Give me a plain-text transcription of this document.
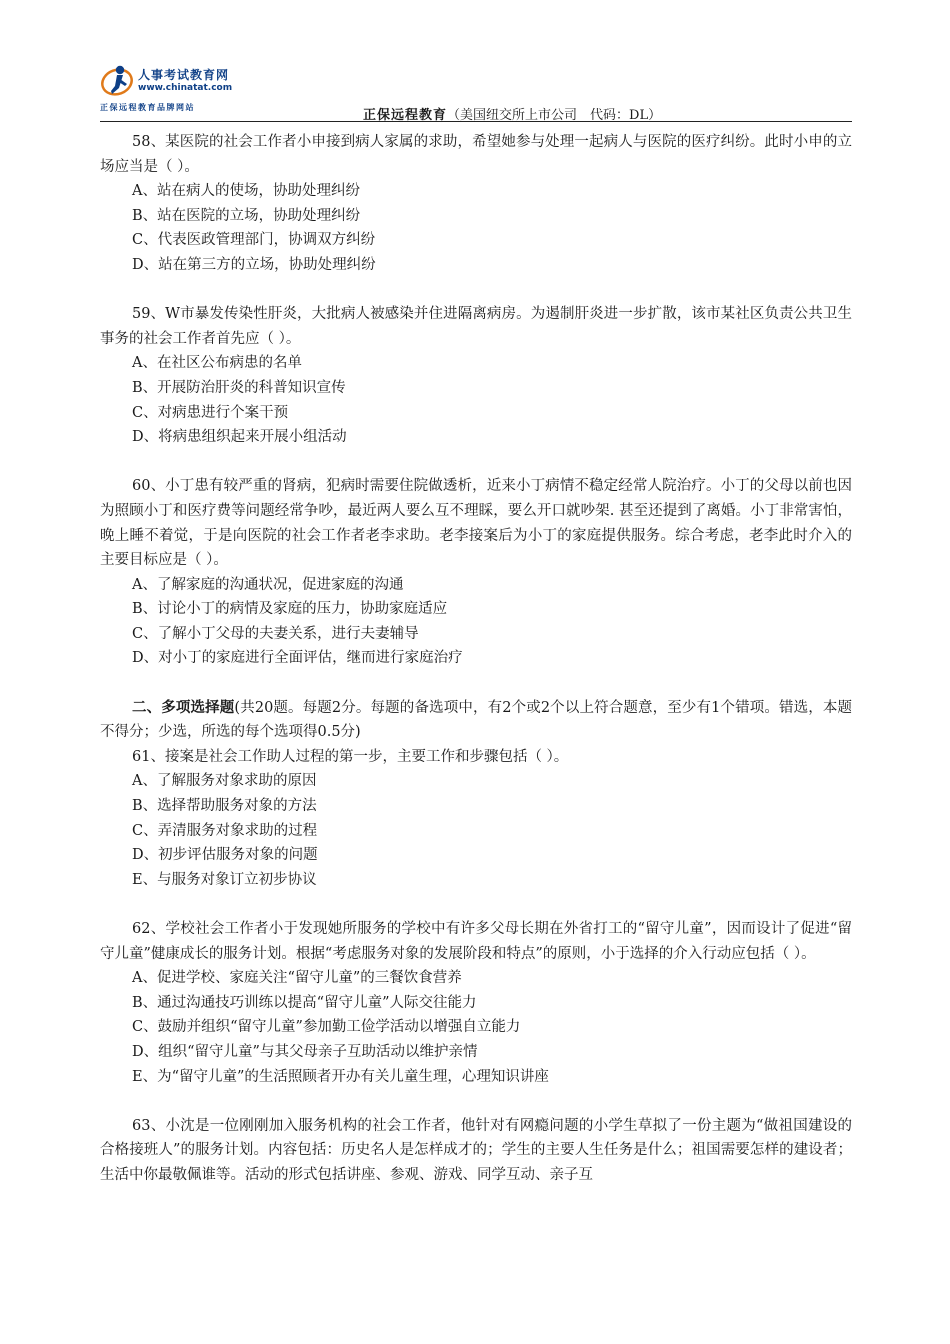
人事考试教育网
www.chinatat.com
正保远程教育品牌网站
正保远程教育（美国纽交所上市公司　代码：DL）

58、某医院的社会工作者小申接到病人家属的求助，希望她参与处理一起病人与医院的医疗纠纷。此时小申的立场应当是（ ）。

A、站在病人的使场，协助处理纠纷

B、站在医院的立场，协助处理纠纷

C、代表医政管理部门，协调双方纠纷

D、站在第三方的立场，协助处理纠纷

59、W市暴发传染性肝炎，大批病人被感染并住进隔离病房。为遏制肝炎进一步扩散，该市某社区负责公共卫生事务的社会工作者首先应（ ）。

A、在社区公布病患的名单

B、开展防治肝炎的科普知识宣传

C、对病患进行个案干预

D、将病患组织起来开展小组活动

60、小丁患有较严重的肾病，犯病时需要住院做透析，近来小丁病情不稳定经常人院治疗。小丁的父母以前也因为照顾小丁和医疗费等问题经常争吵，最近两人要么互不理睬，要么开口就吵架. 甚至还提到了离婚。小丁非常害怕，晚上睡不着觉，于是向医院的社会工作者老李求助。老李接案后为小丁的家庭提供服务。综合考虑，老李此时介入的主要目标应是（ ）。

A、了解家庭的沟通状况，促进家庭的沟通

B、讨论小丁的病情及家庭的压力，协助家庭适应

C、了解小丁父母的夫妻关系，进行夫妻辅导

D、对小丁的家庭进行全面评估，继而进行家庭治疗

二、多项选择题(共20题。每题2分。每题的备选项中，有2个或2个以上符合题意，至少有1个错项。错选，本题不得分；少选，所选的每个选项得0.5分)

61、接案是社会工作助人过程的第一步，主要工作和步骤包括（ ）。

A、了解服务对象求助的原因

B、选择帮助服务对象的方法

C、弄清服务对象求助的过程

D、初步评估服务对象的问题

E、与服务对象订立初步协议

62、学校社会工作者小于发现她所服务的学校中有许多父母长期在外省打工的“留守儿童”，因而设计了促进“留守儿童”健康成长的服务计划。根据“考虑服务对象的发展阶段和特点”的原则，小于选择的介入行动应包括（ ）。

A、促进学校、家庭关注“留守儿童”的三餐饮食营养

B、通过沟通技巧训练以提高“留守儿童”人际交往能力

C、鼓励并组织“留守儿童”参加勤工俭学活动以增强自立能力

D、组织“留守儿童”与其父母亲子互助活动以维护亲情

E、为“留守儿童”的生活照顾者开办有关儿童生理，心理知识讲座

63、小沈是一位刚刚加入服务机构的社会工作者，他针对有网瘾问题的小学生草拟了一份主题为“做祖国建设的合格接班人”的服务计划。内容包括：历史名人是怎样成才的；学生的主要人生任务是什么；祖国需要怎样的建设者；生活中你最敬佩谁等。活动的形式包括讲座、参观、游戏、同学互动、亲子互
